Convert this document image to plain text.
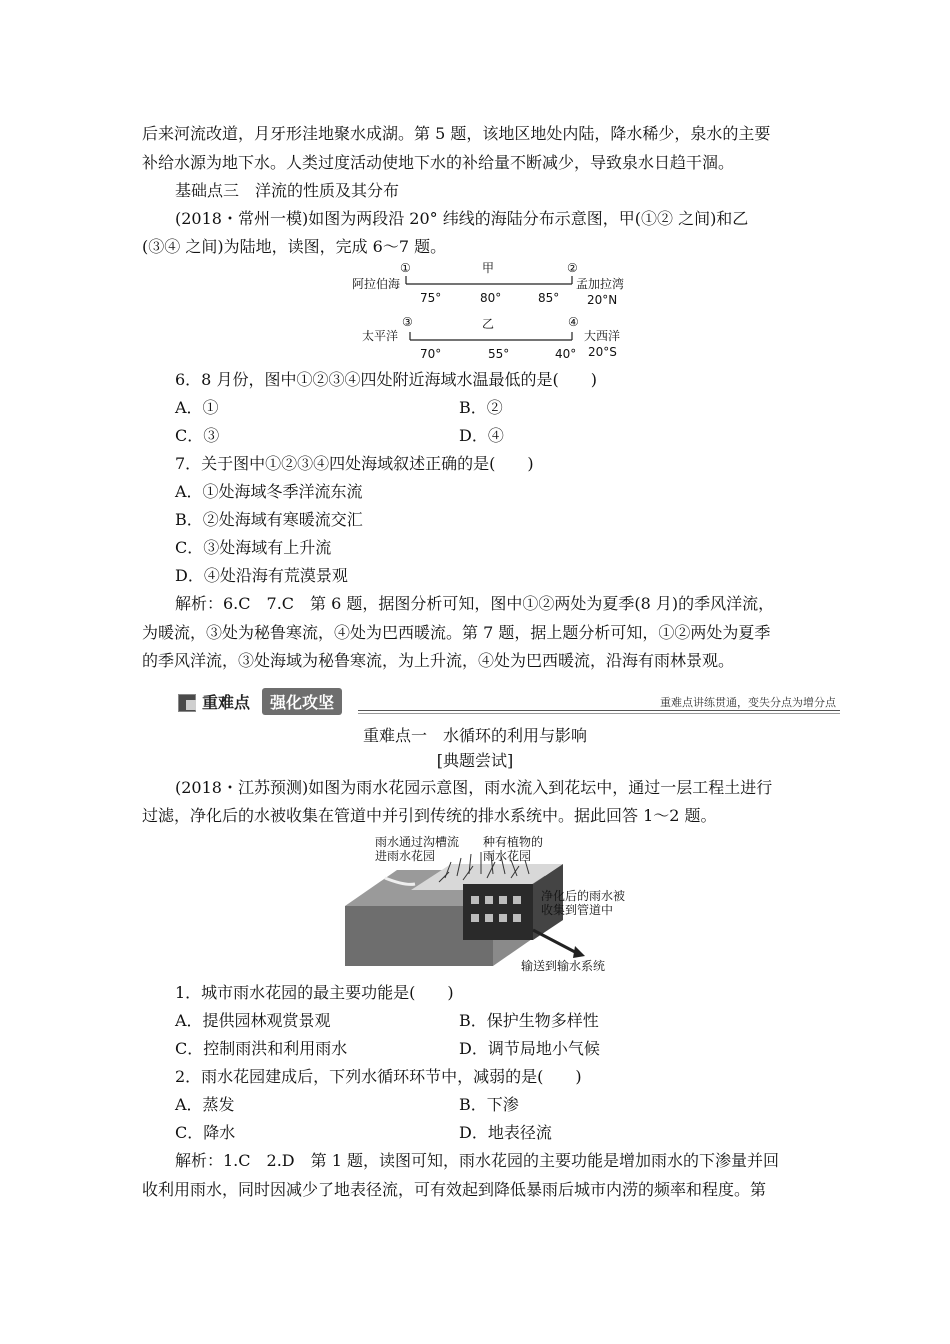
后来河流改道，月牙形洼地聚水成湖。第 5 题，该地区地处内陆，降水稀少，泉水的主要
补给水源为地下水。人类过度活动使地下水的补给量不断减少，导致泉水日趋干涸。
基础点三　洋流的性质及其分布
(2018・常州一模)如图为两段沿 20° 纬线的海陆分布示意图，甲(①② 之间)和乙
(③④ 之间)为陆地，读图，完成 6～7 题。
阿拉伯海
①	甲	②
孟加拉湾
20°N
75°	80°	85°
太平洋
③	乙	④
大西洋
20°S
70°	55°	40°
6．8 月份，图中①②③④四处附近海域水温最低的是(　　)
A．①	B．②
C．③	D．④
7．关于图中①②③④四处海域叙述正确的是(　　)
A．①处海域冬季洋流东流
B．②处海域有寒暖流交汇
C．③处海域有上升流
D．④处沿海有荒漠景观
解析：6.C　7.C　第 6 题，据图分析可知，图中①②两处为夏季(8 月)的季风洋流，
为暖流，③处为秘鲁寒流，④处为巴西暖流。第 7 题，据上题分析可知，①②两处为夏季
的季风洋流，③处海域为秘鲁寒流，为上升流，④处为巴西暖流，沿海有雨林景观。
重难点	强化攻坚	重难点讲练贯通，变失分点为增分点
重难点一　水循环的利用与影响
[典题尝试]
(2018・江苏预测)如图为雨水花园示意图，雨水流入到花坛中，通过一层工程土进行
过滤，净化后的水被收集在管道中并引到传统的排水系统中。据此回答 1～2 题。
雨水通过沟槽流
进雨水花园
种有植物的
雨水花园
净化后的雨水被
收集到管道中
输送到输水系统
1．城市雨水花园的最主要功能是(　　)
A．提供园林观赏景观	B．保护生物多样性
C．控制雨洪和利用雨水	D．调节局地小气候
2．雨水花园建成后，下列水循环环节中，减弱的是(　　)
A．蒸发	B．下渗
C．降水	D．地表径流
解析：1.C　2.D　第 1 题，读图可知，雨水花园的主要功能是增加雨水的下渗量并回
收利用雨水，同时因减少了地表径流，可有效起到降低暴雨后城市内涝的频率和程度。第
